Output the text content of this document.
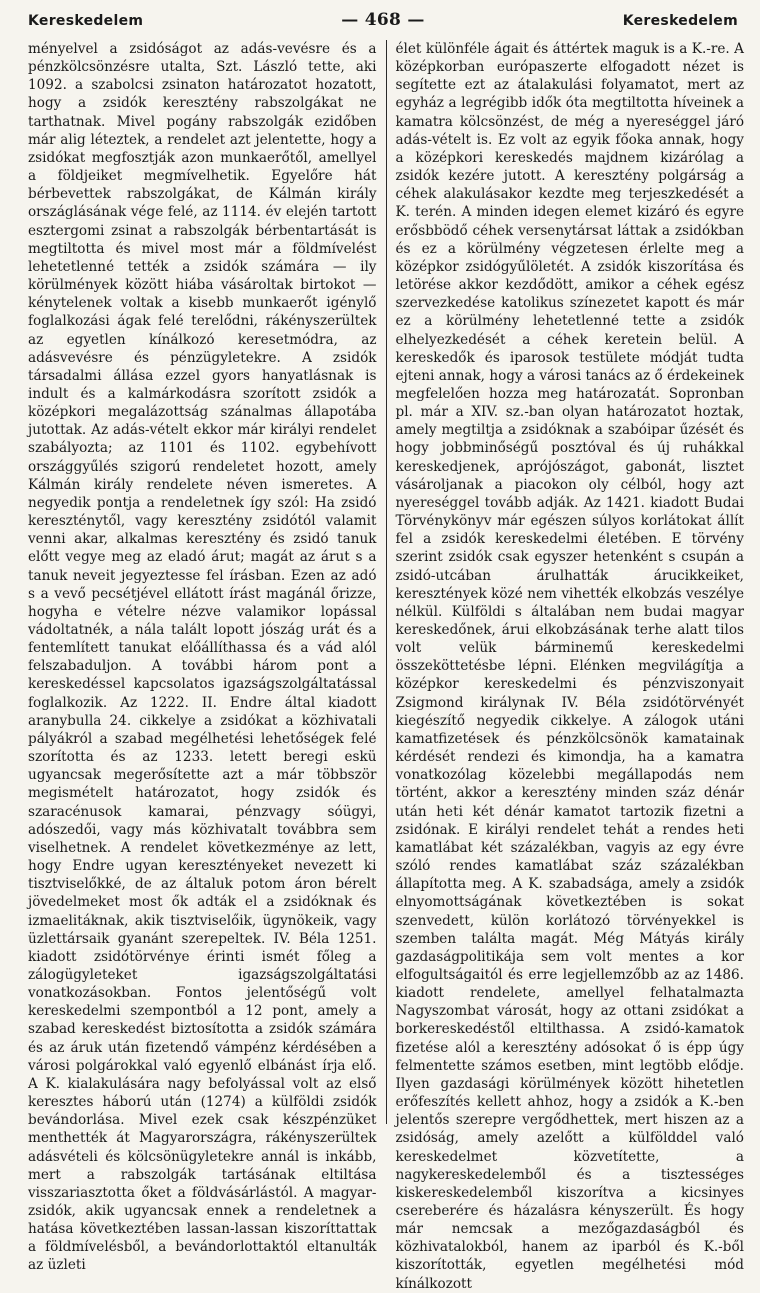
Kereskedelem	— 468 —	Kereskedelem

ményelvel a zsidóságot az adás-vevésre és a pénzkölcsönzésre utalta, Szt. László tette, aki 1092. a szabolcsi zsinaton határozatot hozatott, hogy a zsidók keresztény rabszolgákat ne tarthatnak. Mivel pogány rabszolgák ezidőben már alig léteztek, a rendelet azt jelentette, hogy a zsidókat megfosztják azon munkaerőtől, amellyel a földjeiket megmívelhetik. Egyelőre hát bérbevettek rabszolgákat, de Kálmán király országlásának vége felé, az 1114. év elején tartott esztergomi zsinat a rabszolgák bérbentartását is megtiltotta és mivel most már a földmívelést lehetetlenné tették a zsidók számára — ily körülmények között hiába vásároltak birtokot — kénytelenek voltak a kisebb munkaerőt igénylő foglalkozási ágak felé terelődni, rákényszerültek az egyetlen kínálkozó keresetmódra, az adásvevésre és pénzügyletekre. A zsidók társadalmi állása ezzel gyors hanyatlásnak is indult és a kalmárkodásra szorított zsidók a középkori megalázottság szánalmas állapotába jutottak. Az adás-vételt ekkor már királyi rendelet szabályozta; az 1101 és 1102. egybehívott országgyűlés szigorú rendeletet hozott, amely Kálmán király rendelete néven ismeretes. A negyedik pontja a rendeletnek így szól: Ha zsidó kereszténytől, vagy keresztény zsidótól valamit venni akar, alkalmas keresztény és zsidó tanuk előtt vegye meg az eladó árut; magát az árut s a tanuk neveit jegyeztesse fel írásban. Ezen az adó s a vevő pecsétjével ellátott írást magánál őrizze, hogyha e vételre nézve valamikor lopással vádoltatnék, a nála talált lopott jószág urát és a fentemlített tanukat előállíthassa és a vád alól felszabaduljon. A további három pont a kereskedéssel kapcsolatos igazságszolgáltatással foglalkozik. Az 1222. II. Endre által kiadott aranybulla 24. cikkelye a zsidókat a közhivatali pályákról a szabad megélhetési lehetőségek felé szorította és az 1233. letett beregi eskü ugyancsak megerősítette azt a már többször megismételt határozatot, hogy zsidók és szaracénusok kamarai, pénzvagy sóügyi, adószedői, vagy más közhivatalt továbbra sem viselhetnek. A rendelet következménye az lett, hogy Endre ugyan keresztényeket nevezett ki tisztviselőkké, de az általuk potom áron bérelt jövedelmeket most ők adták el a zsidóknak és izmaelitáknak, akik tisztviselőik, ügynökeik, vagy üzlettársaik gyanánt szerepeltek. IV. Béla 1251. kiadott zsidótörvénye érinti ismét főleg a zálogügyleteket igazságszolgáltatási vonatkozásokban. Fontos jelentőségű volt kereskedelmi szempontból a 12 pont, amely a szabad kereskedést biztosította a zsidók számára és az áruk után fizetendő vámpénz kérdésében a városi polgárokkal való egyenlő elbánást írja elő. A K. kialakulására nagy befolyással volt az első keresztes háború után (1274) a külföldi zsidók bevándorlása. Mivel ezek csak készpénzüket menthették át Magyarországra, rákényszerültek adásvételi és kölcsönügyletekre annál is inkább, mert a rabszolgák tartásának eltiltása visszariasztotta őket a földvásárlástól. A magyar-zsidók, akik ugyancsak ennek a rendeletnek a hatása következtében lassan-lassan kiszoríttattak a földmívelésből, a bevándorlottaktól eltanulták az üzleti

élet különféle ágait és áttértek maguk is a K.-re. A középkorban európaszerte elfogadott nézet is segítette ezt az átalakulási folyamatot, mert az egyház a legrégibb idők óta megtiltotta híveinek a kamatra kölcsönzést, de még a nyereséggel járó adás-vételt is. Ez volt az egyik főoka annak, hogy a középkori kereskedés majdnem kizárólag a zsidók kezére jutott. A keresztény polgárság a céhek alakulásakor kezdte meg terjeszkedését a K. terén. A minden idegen elemet kizáró és egyre erősbbödő céhek versenytársat láttak a zsidókban és ez a körülmény végzetesen érlelte meg a középkor zsidógyűlöletét. A zsidók kiszorítása és letörése akkor kezdődött, amikor a céhek egész szervezkedése katolikus színezetet kapott és már ez a körülmény lehetetlenné tette a zsidók elhelyezkedését a céhek keretein belül. A kereskedők és iparosok testülete módját tudta ejteni annak, hogy a városi tanács az ő érdekeinek megfelelően hozza meg határozatát. Sopronban pl. már a XIV. sz.-ban olyan határozatot hoztak, amely megtiltja a zsidóknak a szabóipar űzését és hogy jobbminőségű posztóval és új ruhákkal kereskedjenek, aprójószágot, gabonát, lisztet vásároljanak a piacokon oly célból, hogy azt nyereséggel tovább adják. Az 1421. kiadott Budai Törvénykönyv már egészen súlyos korlátokat állít fel a zsidók kereskedelmi életében. E törvény szerint zsidók csak egyszer hetenként s csupán a zsidó-utcában árulhatták árucikkeiket, keresztények közé nem vihették elkobzás veszélye nélkül. Külföldi s általában nem budai magyar kereskedőnek, árui elkobzásának terhe alatt tilos volt velük bárminemű kereskedelmi összeköttetésbe lépni. Elénken megvilágítja a középkor kereskedelmi és pénzviszonyait Zsigmond királynak IV. Béla zsidótörvényét kiegészítő negyedik cikkelye. A zálogok utáni kamatfizetések és pénzkölcsönök kamatainak kérdését rendezi és kimondja, ha a kamatra vonatkozólag közelebbi megállapodás nem történt, akkor a keresztény minden száz dénár után heti két dénár kamatot tartozik fizetni a zsidónak. E királyi rendelet tehát a rendes heti kamatlábat két százalékban, vagyis az egy évre szóló rendes kamatlábat száz százalékban állapította meg. A K. szabadsága, amely a zsidók elnyomottságának következtében is sokat szenvedett, külön korlátozó törvényekkel is szemben találta magát. Még Mátyás király gazdaságpolitikája sem volt mentes a kor elfogultságaitól és erre legjellemzőbb az az 1486. kiadott rendelete, amellyel felhatalmazta Nagyszombat városát, hogy az ottani zsidókat a borkereskedéstől eltilthassa. A zsidó-kamatok fizetése alól a keresztény adósokat ő is épp úgy felmentette számos esetben, mint legtöbb elődje. Ilyen gazdasági körülmények között hihetetlen erőfeszítés kellett ahhoz, hogy a zsidók a K.-ben jelentős szerepre vergődhettek, mert hiszen az a zsidóság, amely azelőtt a külfölddel való kereskedelmet közvetítette, a nagykereskedelemből és a tisztességes kiskereskedelemből kiszorítva a kicsinyes csereberére és házalásra kényszerült. És hogy már nemcsak a mezőgazdaságból és közhivatalokból, hanem az iparból és K.-ből kiszorították, egyetlen megélhetési mód kínálkozott
